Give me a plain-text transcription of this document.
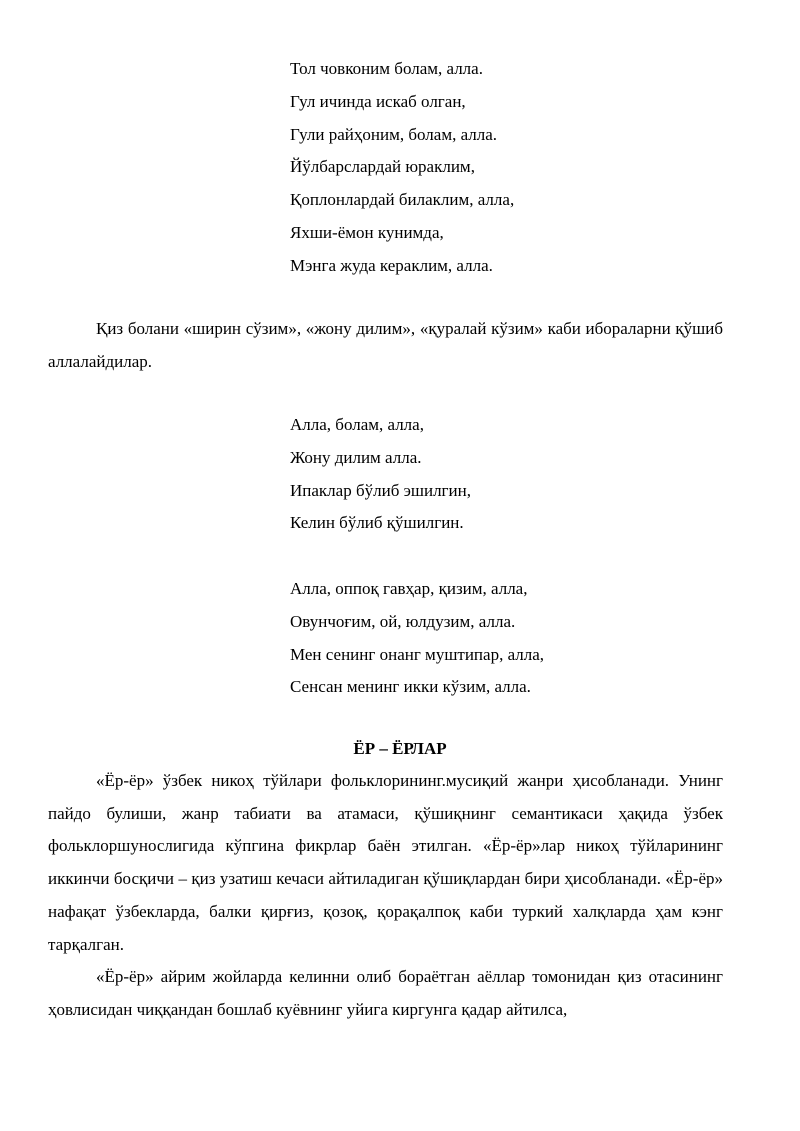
Тол човконим болам, алла.
Гул ичинда искаб олган,
Гули райҳоним, болам, алла.
Йўлбарслардай юраклим,
Қоплонлардай билаклим, алла,
Яхши-ёмон кунимда,
Мэнга жуда кераклим, алла.

Қиз болани «ширин сўзим», «жону дилим», «қуралай кўзим» каби ибораларни қўшиб аллалайдилар.

Алла, болам, алла,
Жону дилим алла.
Ипаклар бўлиб эшилгин,
Келин бўлиб қўшилгин.
Алла, оппоқ гавҳар, қизим, алла,
Овунчоғим, ой, юлдузим, алла.
Мен сенинг онанг муштипар, алла,
Сенсан менинг икки кўзим, алла.
ЁР – ЁРЛАР

«Ёр-ёр» ўзбек никоҳ тўйлари фольклорининг.мусиқий жанри ҳисобланади. Унинг пайдо булиши, жанр табиати ва атамаси, қўшиқнинг семантикаси ҳақида ўзбек фольклоршунослигида кўпгина фикрлар баён этилган. «Ёр-ёр»лар никоҳ тўйларининг иккинчи босқичи – қиз узатиш кечаси айтиладиган қўшиқлардан бири ҳисобланади. «Ёр-ёр» нафақат ўзбекларда, балки қирғиз, қозоқ, қорақалпоқ каби туркий халқларда ҳам кэнг тарқалган.

«Ёр-ёр» айрим жойларда келинни олиб бораётган аёллар томонидан қиз отасининг ҳовлисидан чиққандан бошлаб куёвнинг уйига киргунга қадар айтилса,
